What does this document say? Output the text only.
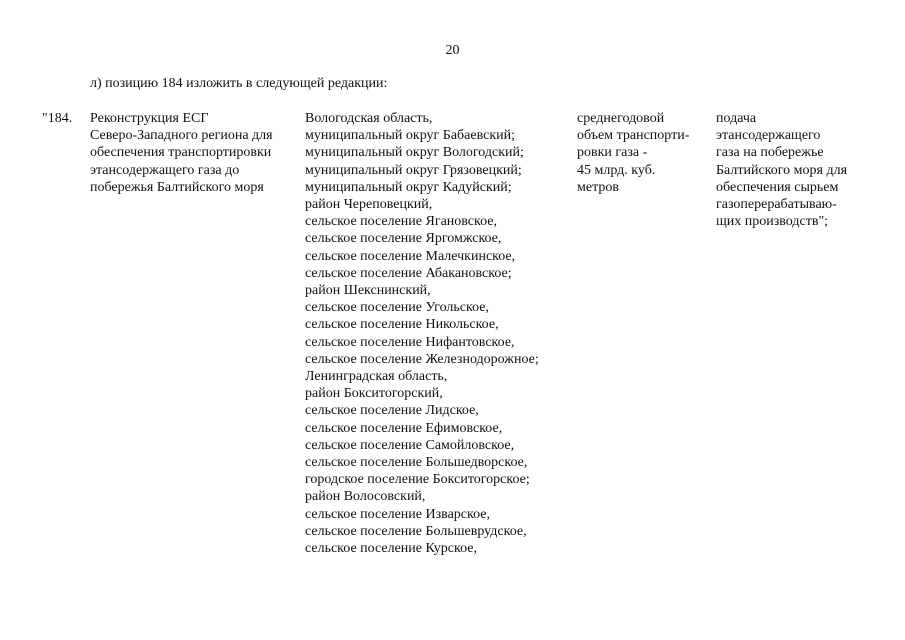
20
л) позицию 184 изложить в следующей редакции:
"184. Реконструкция ЕСГ
Северо-Западного региона для
обеспечения транспортировки
этансодержащего газа до
побережья Балтийского моря
Вологодская область,
муниципальный округ Бабаевский;
муниципальный округ Вологодский;
муниципальный округ Грязовецкий;
муниципальный округ Кадуйский;
район Череповецкий,
сельское поселение Ягановское,
сельское поселение Яргомжское,
сельское поселение Малечкинское,
сельское поселение Абакановское;
район Шекснинский,
сельское поселение Угольское,
сельское поселение Никольское,
сельское поселение Нифантовское,
сельское поселение Железнодорожное;
Ленинградская область,
район Бокситогорский,
сельское поселение Лидское,
сельское поселение Ефимовское,
сельское поселение Самойловское,
сельское поселение Большедворское,
городское поселение Бокситогорское;
район Волосовский,
сельское поселение Изварское,
сельское поселение Большеврудское,
сельское поселение Курское,
среднегодовой
объем транспорти-
ровки газа -
45 млрд. куб.
метров
подача
этансодержащего
газа на побережье
Балтийского моря для
обеспечения сырьем
газоперерабатываю-
щих производств";
